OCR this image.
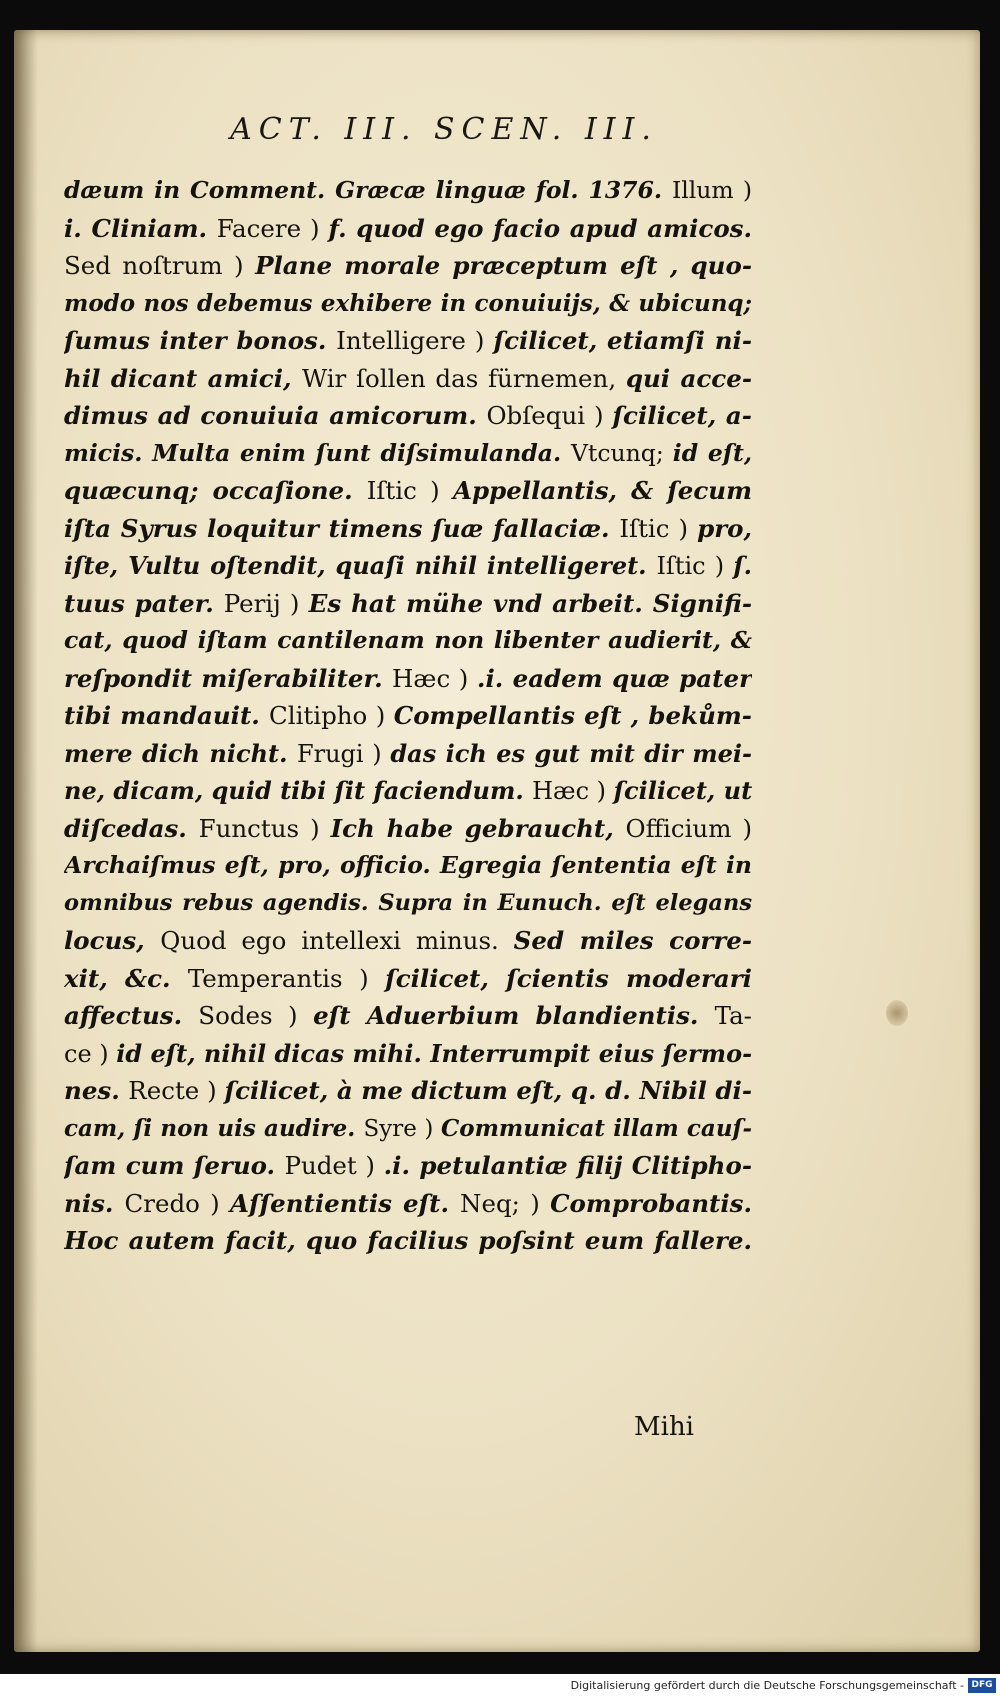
ACT. III. SCEN. III.
dæum in Comment. Græcæ linguæ fol. 1376. Illum )
i. Cliniam. Facere ) f. quod ego facio apud amicos.
Sed noſtrum ) Plane morale præceptum eſt , quo-
modo nos debemus exhibere in conuiuijs, & ubicunq;
ſumus inter bonos. Intelligere ) ſcilicet, etiamſi ni-
hil dicant amici, Wir ſollen das fürnemen, qui acce-
dimus ad conuiuia amicorum. Obſequi ) ſcilicet, a-
micis. Multa enim ſunt diſsimulanda. Vtcunq; id eſt,
quæcunq; occaſione. Iſtic ) Appellantis, & ſecum
iſta Syrus loquitur timens ſuæ fallaciæ. Iſtic ) pro,
iſte, Vultu oſtendit, quaſi nihil intelligeret. Iſtic ) ſ.
tuus pater. Perij ) Es hat mühe vnd arbeit. Signifi-
cat, quod iſtam cantilenam non libenter audierit, &
reſpondit miſerabiliter. Hæc ) .i. eadem quæ pater
tibi mandauit. Clitipho ) Compellantis eſt , bekům-
mere dich nicht. Frugi ) das ich es gut mit dir mei-
ne, dicam, quid tibi ſit faciendum. Hæc ) ſcilicet, ut
diſcedas. Functus ) Ich habe gebraucht, Officium )
Archaiſmus eſt, pro, officio. Egregia ſententia eſt in
omnibus rebus agendis. Supra in Eunuch. eſt elegans
locus, Quod ego intellexi minus. Sed miles corre-
xit, &c. Temperantis ) ſcilicet, ſcientis moderari
affectus. Sodes ) eſt Aduerbium blandientis. Ta-
ce ) id eſt, nihil dicas mihi. Interrumpit eius ſermo-
nes. Recte ) ſcilicet, à me dictum eſt, q. d. Nibil di-
cam, ſi non uis audire. Syre ) Communicat illam cauſ-
ſam cum ſeruo. Pudet ) .i. petulantiæ filij Clitipho-
nis. Credo ) Aſſentientis eſt. Neq; ) Comprobantis.
Hoc autem facit, quo facilius poſsint eum fallere.
Mihi
Digitalisierung gefördert durch die Deutsche Forschungsgemeinschaft - DFG
